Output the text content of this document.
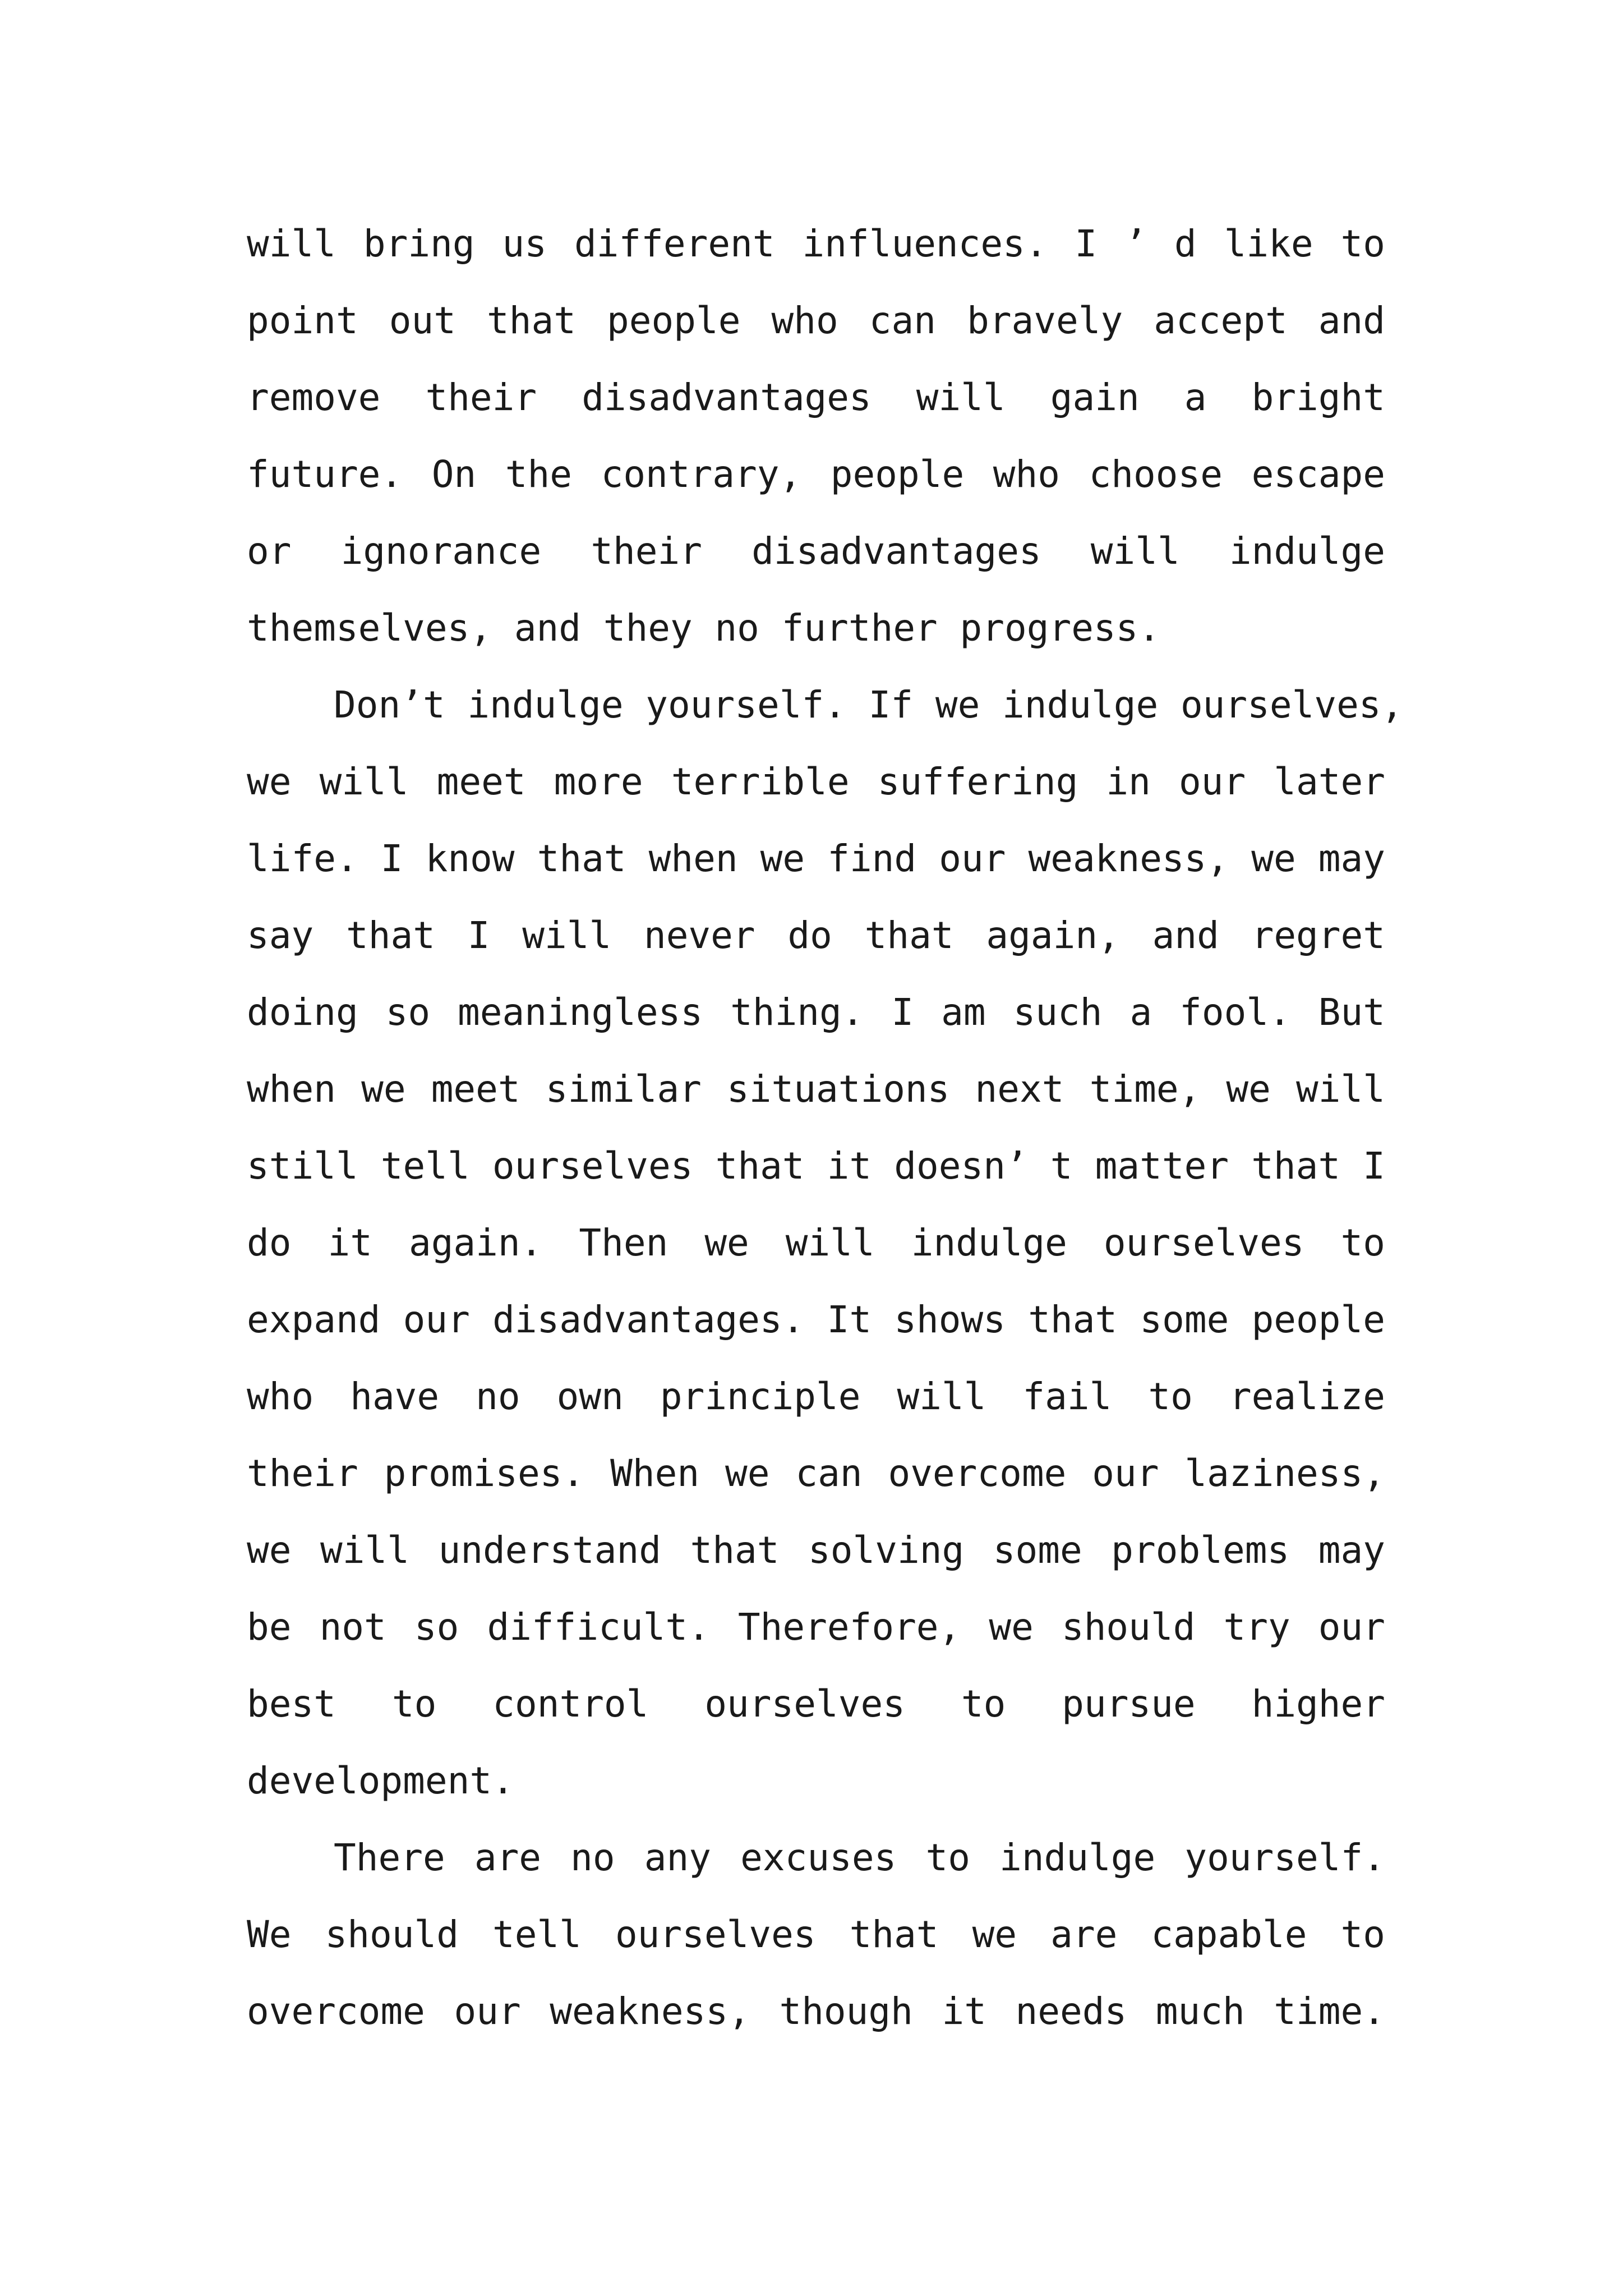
will bring us different influences. I ’ d like to
point out that people who can bravely accept and
remove their disadvantages will gain a bright
future. On the contrary, people who choose escape
or ignorance their disadvantages will indulge
themselves, and they no further progress.
Don’t indulge yourself. If we indulge ourselves,
we will meet more terrible suffering in our later
life. I know that when we find our weakness, we may
say that I will never do that again, and regret
doing so meaningless thing. I am such a fool. But
when we meet similar situations next time, we will
still tell ourselves that it doesn’ t matter that I
do it again. Then we will indulge ourselves to
expand our disadvantages. It shows that some people
who have no own principle will fail to realize
their promises. When we can overcome our laziness,
we will understand that solving some problems may
be not so difficult. Therefore, we should try our
best to control ourselves to pursue higher
development.
There are no any excuses to indulge yourself.
We should tell ourselves that we are capable to
overcome our weakness, though it needs much time.
